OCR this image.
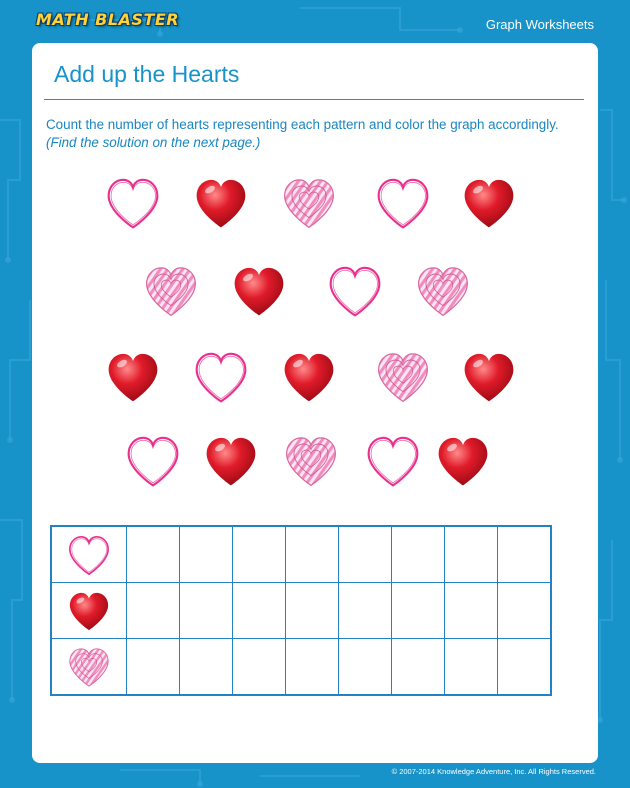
MATH BLASTER	Graph Worksheets
Add up the Hearts
Count the number of hearts representing each pattern and color the graph accordingly.
(Find the solution on the next page.)

© 2007-2014 Knowledge Adventure, Inc. All Rights Reserved.
